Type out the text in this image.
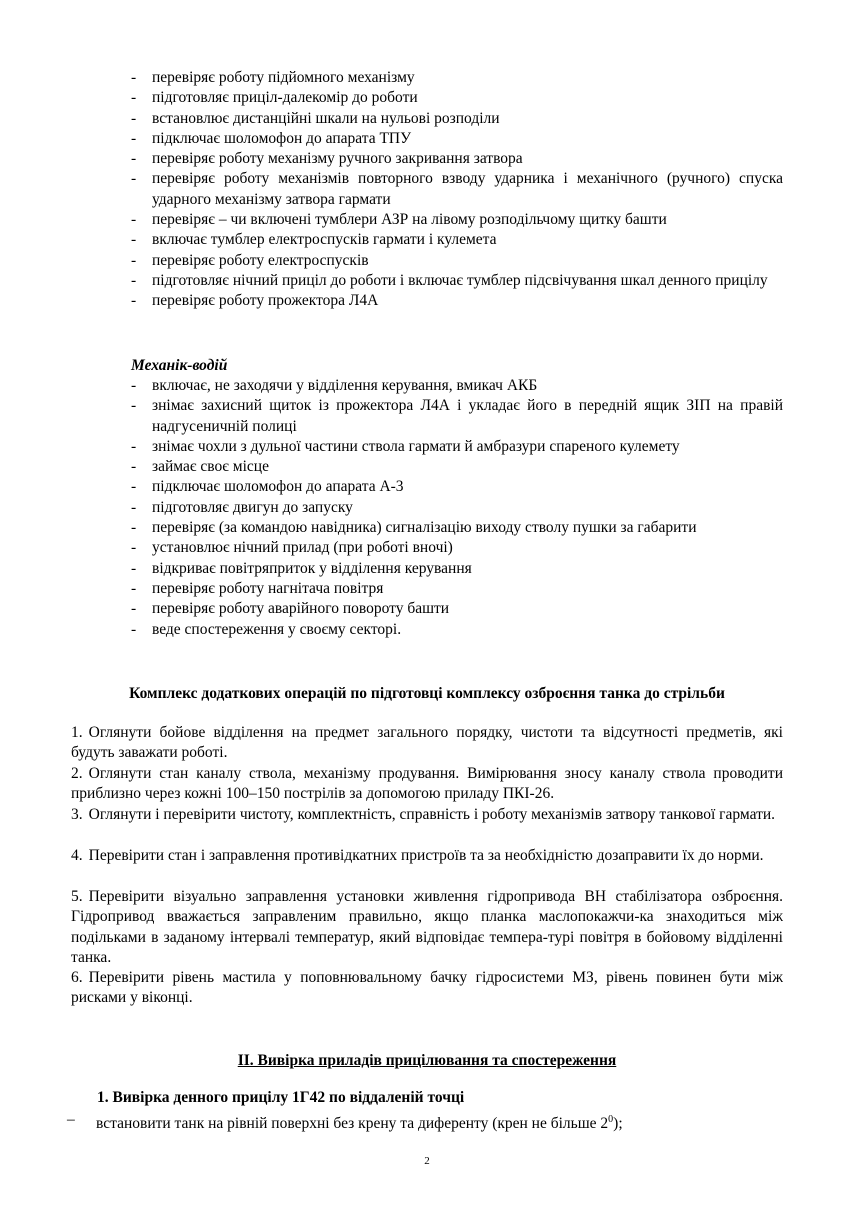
- перевіряє роботу підйомного механізму
- підготовляє приціл-далекомір до роботи
- встановлює дистанційні шкали на нульові розподіли
- підключає шоломофон до апарата ТПУ
- перевіряє роботу механізму ручного закривання затвора
- перевіряє роботу механізмів повторного взводу ударника і механічного (ручного) спуска ударного механізму затвора гармати
- перевіряє – чи включені тумблери АЗР на лівому розподільчому щитку башти
- включає тумблер електроспусків гармати і кулемета
- перевіряє роботу електроспусків
- підготовляє нічний приціл до роботи і включає тумблер підсвічування шкал денного прицілу
- перевіряє роботу прожектора Л4А
Механік-водій
- включає, не заходячи у відділення керування, вмикач АКБ
- знімає захисний щиток із прожектора Л4А і укладає його в передній ящик ЗІП на правій надгусеничній полиці
- знімає чохли з дульної частини ствола гармати й амбразури спареного кулемету
- займає своє місце
- підключає шоломофон до апарата А-3
- підготовляє двигун до запуску
- перевіряє (за командою навідника) сигналізацію виходу стволу пушки за габарити
- установлює нічний прилад (при роботі вночі)
- відкриває повітряприток у відділення керування
- перевіряє роботу нагнітача повітря
- перевіряє роботу аварійного повороту башти
- веде спостереження у своєму секторі.
Комплекс додаткових операцій по підготовці комплексу озброєння танка до стрільби

1. Оглянути бойове відділення на предмет загального порядку, чистоти та відсутності предметів, які будуть заважати роботі.

2. Оглянути стан каналу ствола, механізму продування. Вимірювання зносу каналу ствола проводити приблизно через кожні 100–150 пострілів за допомогою приладу ПКІ-26.

3. Оглянути і перевірити чистоту, комплектність, справність і роботу механізмів затвору танкової гармати.

4. Перевірити стан і заправлення противідкатних пристроїв та за необхідністю дозаправити їх до норми.

5. Перевірити візуально заправлення установки живлення гідропривода ВН стабілізатора озброєння. Гідропривод вважається заправленим правильно, якщо планка маслопокажчи-ка знаходиться між подільками в заданому інтервалі температур, який відповідає темпера-турі повітря в бойовому відділенні танка.

6. Перевірити рівень мастила у поповнювальному бачку гідросистеми МЗ, рівень повинен бути між рисками у віконці.

II. Вивірка приладів прицілювання та спостереження
1. Вивірка денного прицілу 1Г42 по віддаленій точці
–	встановити танк на рівній поверхні без крену та диференту (крен не більше $2^0$);
2
